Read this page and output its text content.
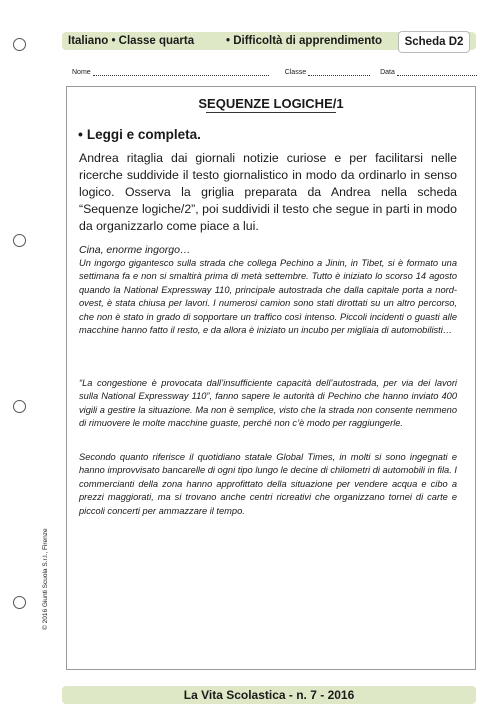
Italiano • Classe quarta	• Difficoltà di apprendimento	Scheda D2
Nome	Classe	Data
SEQUENZE LOGICHE/1
• Leggi e completa.
Andrea ritaglia dai giornali notizie curiose e per facilitarsi nelle ricerche suddivide il testo giornalistico in modo da ordinarlo in senso logico. Osserva la griglia preparata da Andrea nella scheda “Sequenze logiche/2”, poi suddividi il testo che segue in parti in modo da organizzarlo come piace a lui.
Cina, enorme ingorgo…
Un ingorgo gigantesco sulla strada che collega Pechino a Jinin, in Tibet, si è formato una settimana fa e non si smaltirà prima di metà settembre. Tutto è iniziato lo scorso 14 agosto quando la National Expressway 110, principale autostrada che dalla capitale porta a nord-ovest, è stata chiusa per lavori. I numerosi camion sono stati dirottati su un altro percorso, che non è stato in grado di sopportare un traffico così intenso. Piccoli incidenti o guasti alle macchine hanno fatto il resto, e da allora è iniziato un incubo per migliaia di automobilisti…
“La congestione è provocata dall’insufficiente capacità dell’autostrada, per via dei lavori sulla National Expressway 110”, fanno sapere le autorità di Pechino che hanno inviato 400 vigili a gestire la situazione. Ma non è semplice, visto che la strada non consente nemmeno di rimuovere le molte macchine guaste, perché non c’è modo per raggiungerle.
Secondo quanto riferisce il quotidiano statale Global Times, in molti si sono ingegnati e hanno improvvisato bancarelle di ogni tipo lungo le decine di chilometri di automobili in fila. I commercianti della zona hanno approfittato della situazione per vendere acqua e cibo a prezzi maggiorati, ma si trovano anche centri ricreativi che organizzano tornei di carte e piccoli concerti per ammazzare il tempo.
© 2016 Giunti Scuola S.r.l., Firenze
La Vita Scolastica - n. 7 - 2016
